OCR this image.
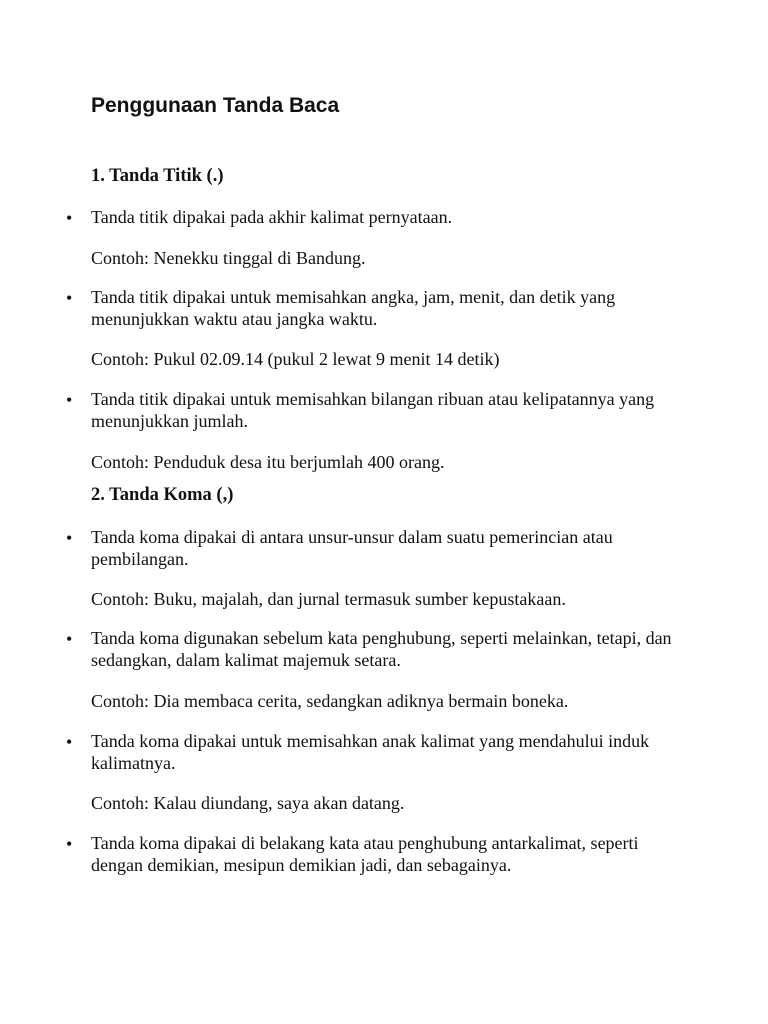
Penggunaan Tanda Baca
1. Tanda Titik (.)
• Tanda titik dipakai pada akhir kalimat pernyataan.

Contoh: Nenekku tinggal di Bandung.

• Tanda titik dipakai untuk memisahkan angka, jam, menit, dan detik yang menunjukkan waktu atau jangka waktu.

Contoh: Pukul 02.09.14 (pukul 2 lewat 9 menit 14 detik)

• Tanda titik dipakai untuk memisahkan bilangan ribuan atau kelipatannya yang menunjukkan jumlah.

Contoh: Penduduk desa itu berjumlah 400 orang.

2. Tanda Koma (,)
• Tanda koma dipakai di antara unsur-unsur dalam suatu pemerincian atau pembilangan.

Contoh: Buku, majalah, dan jurnal termasuk sumber kepustakaan.

• Tanda koma digunakan sebelum kata penghubung, seperti melainkan, tetapi, dan sedangkan, dalam kalimat majemuk setara.

Contoh: Dia membaca cerita, sedangkan adiknya bermain boneka.

• Tanda koma dipakai untuk memisahkan anak kalimat yang mendahului induk kalimatnya.

Contoh: Kalau diundang, saya akan datang.

• Tanda koma dipakai di belakang kata atau penghubung antarkalimat, seperti dengan demikian, mesipun demikian jadi, dan sebagainya.
